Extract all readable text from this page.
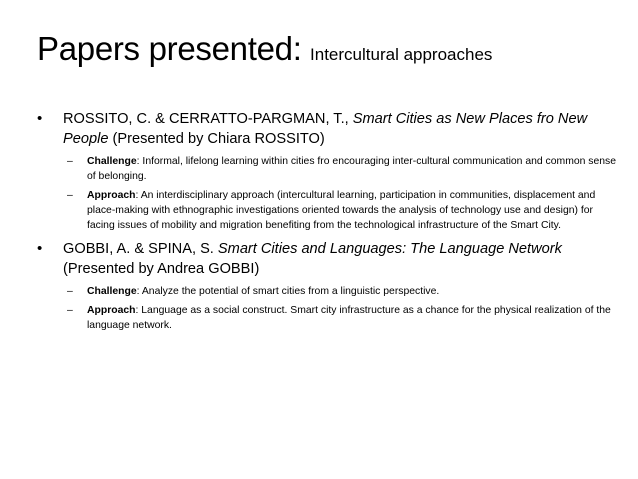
Papers presented: Intercultural approaches
• ROSSITO, C. & CERRATTO-PARGMAN, T., Smart Cities as New Places fro New People (Presented by Chiara ROSSITO)
– Challenge: Informal, lifelong learning within cities fro encouraging inter-cultural communication and common sense of belonging.
– Approach: An interdisciplinary approach (intercultural learning, participation in communities, displacement and place-making with ethnographic investigations oriented towards the analysis of technology use and design) for facing issues of mobility and migration benefiting from the technological infrastructure of the Smart City.
• GOBBI, A. & SPINA, S. Smart Cities and Languages: The Language Network (Presented by Andrea GOBBI)
– Challenge: Analyze the potential of smart cities from a linguistic perspective.
– Approach: Language as a social construct. Smart city infrastructure as a chance for the physical realization of the language network.
